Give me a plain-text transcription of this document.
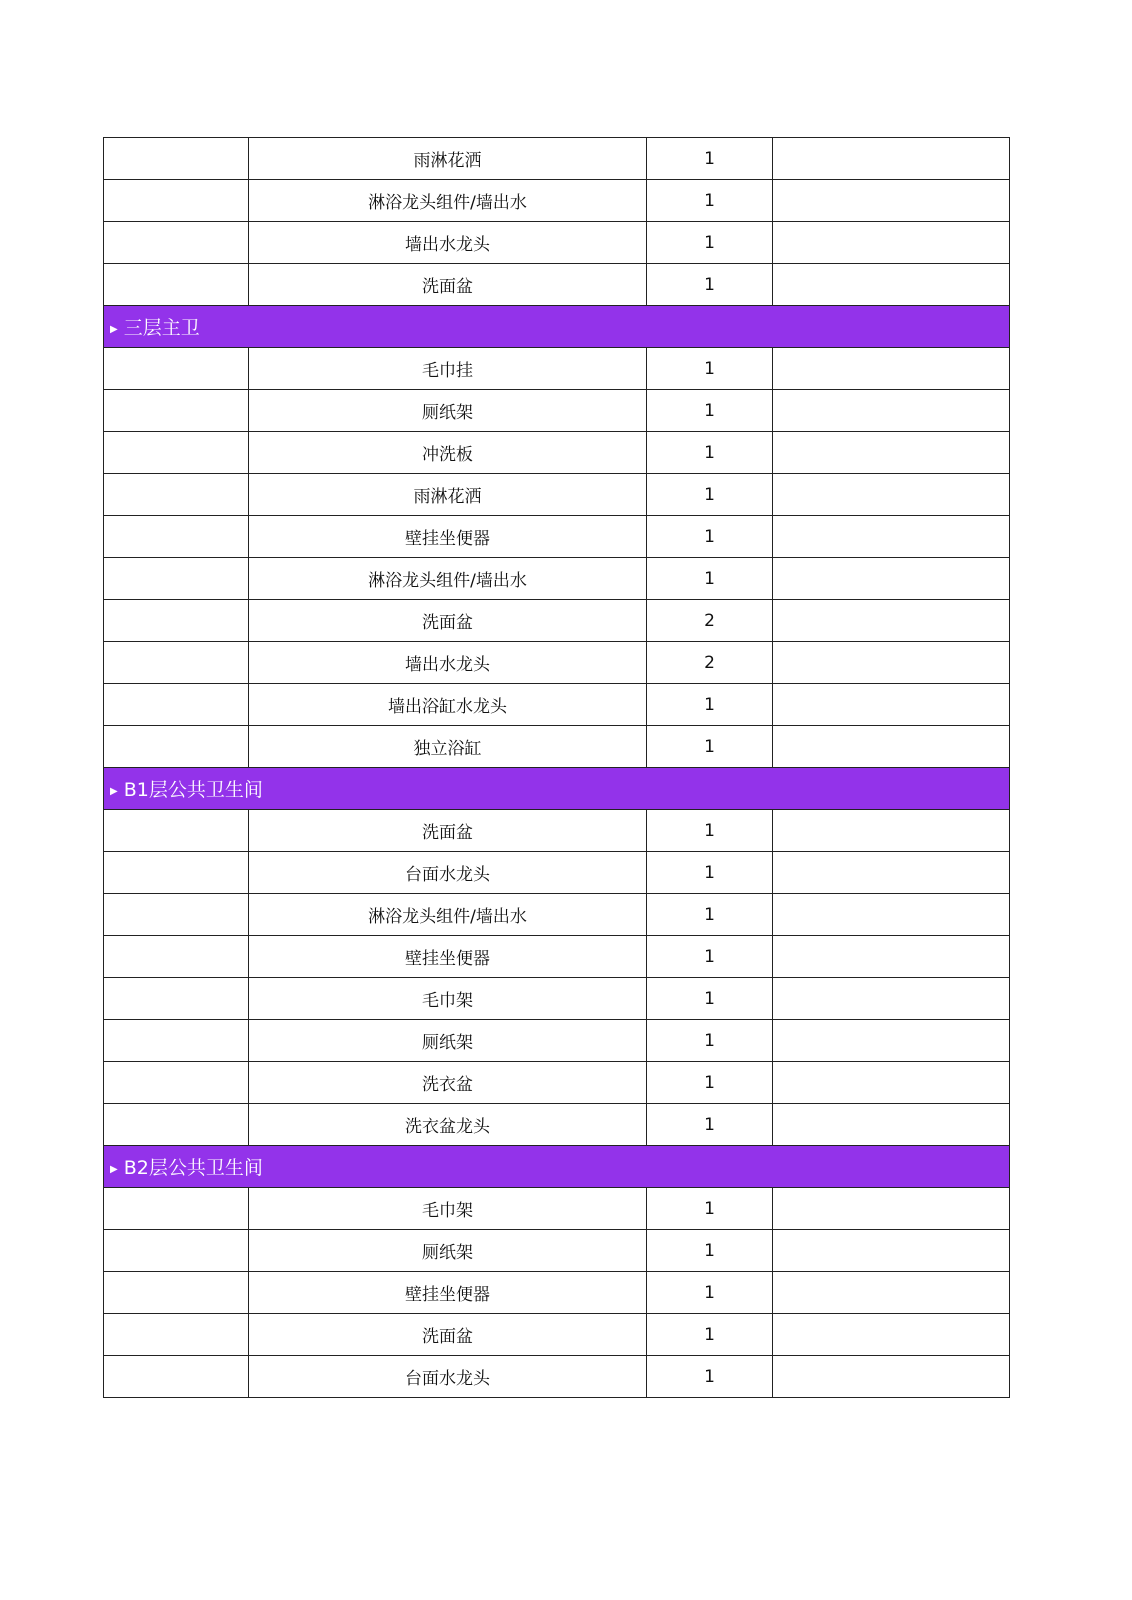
	雨淋花洒	1	
	淋浴龙头组件/墙出水	1	
	墙出水龙头	1	
	洗面盆	1	
▶ 三层主卫			
	毛巾挂	1	
	厕纸架	1	
	冲洗板	1	
	雨淋花洒	1	
	壁挂坐便器	1	
	淋浴龙头组件/墙出水	1	
	洗面盆	2	
	墙出水龙头	2	
	墙出浴缸水龙头	1	
	独立浴缸	1	
▶ B1层公共卫生间			
	洗面盆	1	
	台面水龙头	1	
	淋浴龙头组件/墙出水	1	
	壁挂坐便器	1	
	毛巾架	1	
	厕纸架	1	
	洗衣盆	1	
	洗衣盆龙头	1	
▶ B2层公共卫生间			
	毛巾架	1	
	厕纸架	1	
	壁挂坐便器	1	
	洗面盆	1	
	台面水龙头	1	
